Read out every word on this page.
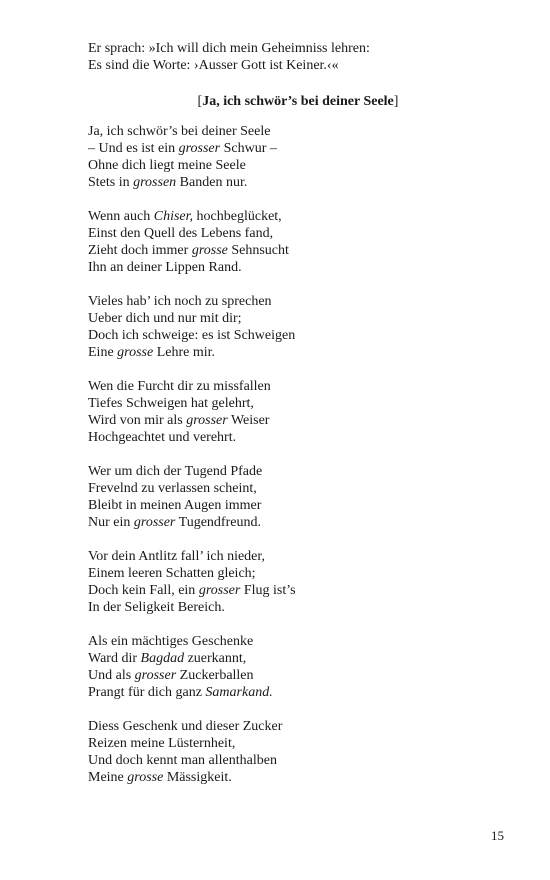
Er sprach: »Ich will dich mein Geheimniss lehren:
Es sind die Worte: ›Ausser Gott ist Keiner.‹«
[Ja, ich schwör’s bei deiner Seele]
Ja, ich schwör’s bei deiner Seele
– Und es ist ein grosser Schwur –
Ohne dich liegt meine Seele
Stets in grossen Banden nur.
Wenn auch Chiser, hochbeglücket,
Einst den Quell des Lebens fand,
Zieht doch immer grosse Sehnsucht
Ihn an deiner Lippen Rand.
Vieles hab’ ich noch zu sprechen
Ueber dich und nur mit dir;
Doch ich schweige: es ist Schweigen
Eine grosse Lehre mir.
Wen die Furcht dir zu missfallen
Tiefes Schweigen hat gelehrt,
Wird von mir als grosser Weiser
Hochgeachtet und verehrt.
Wer um dich der Tugend Pfade
Frevelnd zu verlassen scheint,
Bleibt in meinen Augen immer
Nur ein grosser Tugendfreund.
Vor dein Antlitz fall’ ich nieder,
Einem leeren Schatten gleich;
Doch kein Fall, ein grosser Flug ist’s
In der Seligkeit Bereich.
Als ein mächtiges Geschenke
Ward dir Bagdad zuerkannt,
Und als grosser Zuckerballen
Prangt für dich ganz Samarkand.
Diess Geschenk und dieser Zucker
Reizen meine Lüsternheit,
Und doch kennt man allenthalben
Meine grosse Mässigkeit.
15
